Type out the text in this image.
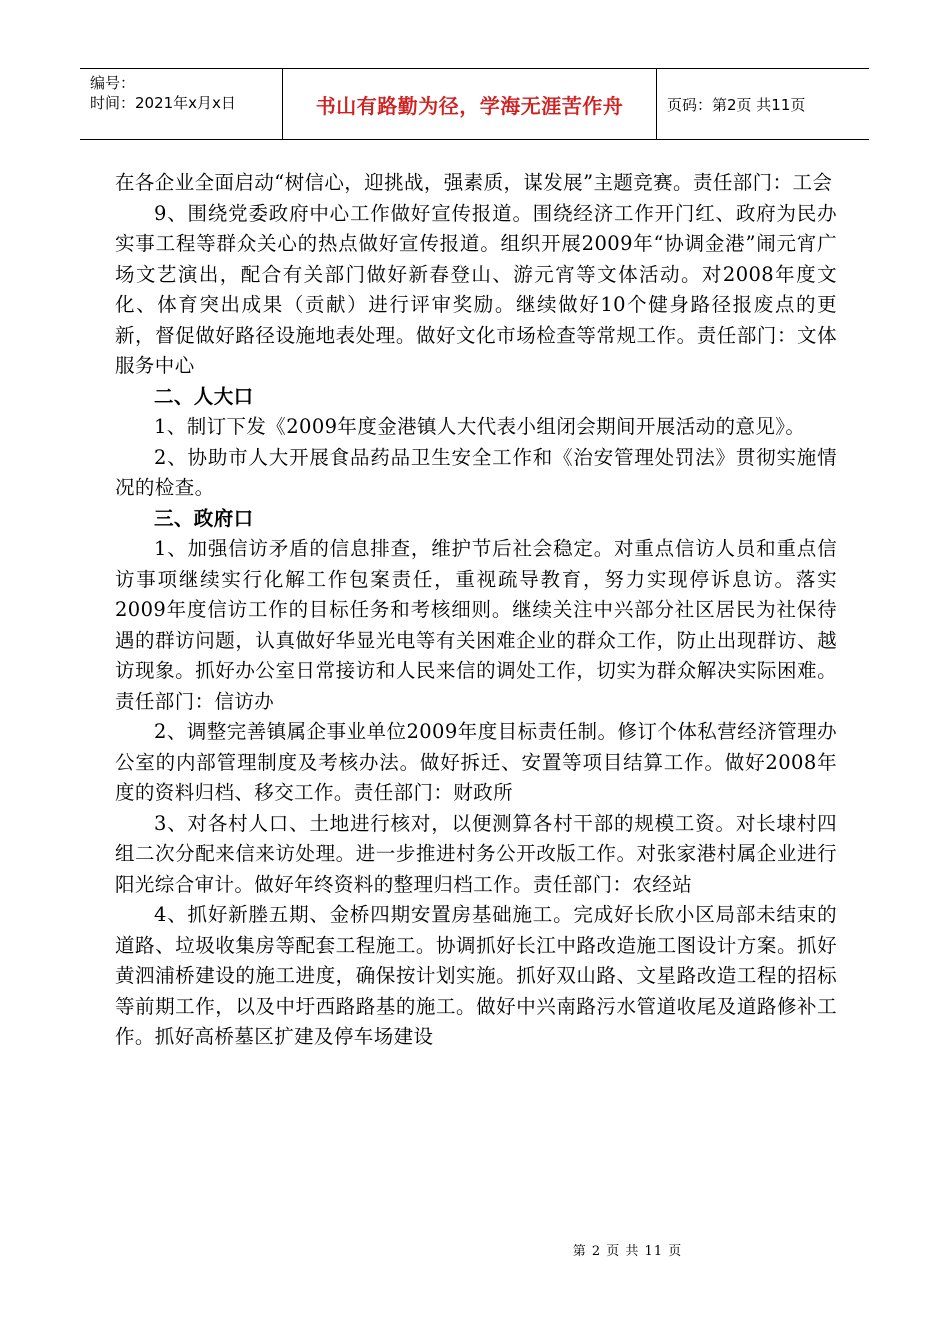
编号：
时间：2021年x月x日	书山有路勤为径，学海无涯苦作舟	页码：第2页 共11页

在各企业全面启动“树信心，迎挑战，强素质，谋发展”主题竞赛。责任部门：工会

9、围绕党委政府中心工作做好宣传报道。围绕经济工作开门红、政府为民办实事工程等群众关心的热点做好宣传报道。组织开展2009年“协调金港”闹元宵广场文艺演出，配合有关部门做好新春登山、游元宵等文体活动。对2008年度文化、体育突出成果（贡献）进行评审奖励。继续做好10个健身路径报废点的更新，督促做好路径设施地表处理。做好文化市场检查等常规工作。责任部门：文体服务中心

二、人大口

1、制订下发《2009年度金港镇人大代表小组闭会期间开展活动的意见》。

2、协助市人大开展食品药品卫生安全工作和《治安管理处罚法》贯彻实施情况的检查。

三、政府口

1、加强信访矛盾的信息排查，维护节后社会稳定。对重点信访人员和重点信访事项继续实行化解工作包案责任，重视疏导教育，努力实现停诉息访。落实2009年度信访工作的目标任务和考核细则。继续关注中兴部分社区居民为社保待遇的群访问题，认真做好华显光电等有关困难企业的群众工作，防止出现群访、越访现象。抓好办公室日常接访和人民来信的调处工作，切实为群众解决实际困难。责任部门：信访办

2、调整完善镇属企事业单位2009年度目标责任制。修订个体私营经济管理办公室的内部管理制度及考核办法。做好拆迁、安置等项目结算工作。做好2008年度的资料归档、移交工作。责任部门：财政所

3、对各村人口、土地进行核对，以便测算各村干部的规模工资。对长埭村四组二次分配来信来访处理。进一步推进村务公开改版工作。对张家港村属企业进行阳光综合审计。做好年终资料的整理归档工作。责任部门：农经站

4、抓好新塍五期、金桥四期安置房基础施工。完成好长欣小区局部未结束的道路、垃圾收集房等配套工程施工。协调抓好长江中路改造施工图设计方案。抓好黄泗浦桥建设的施工进度，确保按计划实施。抓好双山路、文星路改造工程的招标等前期工作，以及中圩西路路基的施工。做好中兴南路污水管道收尾及道路修补工作。抓好高桥墓区扩建及停车场建设

第 2 页 共 11 页
